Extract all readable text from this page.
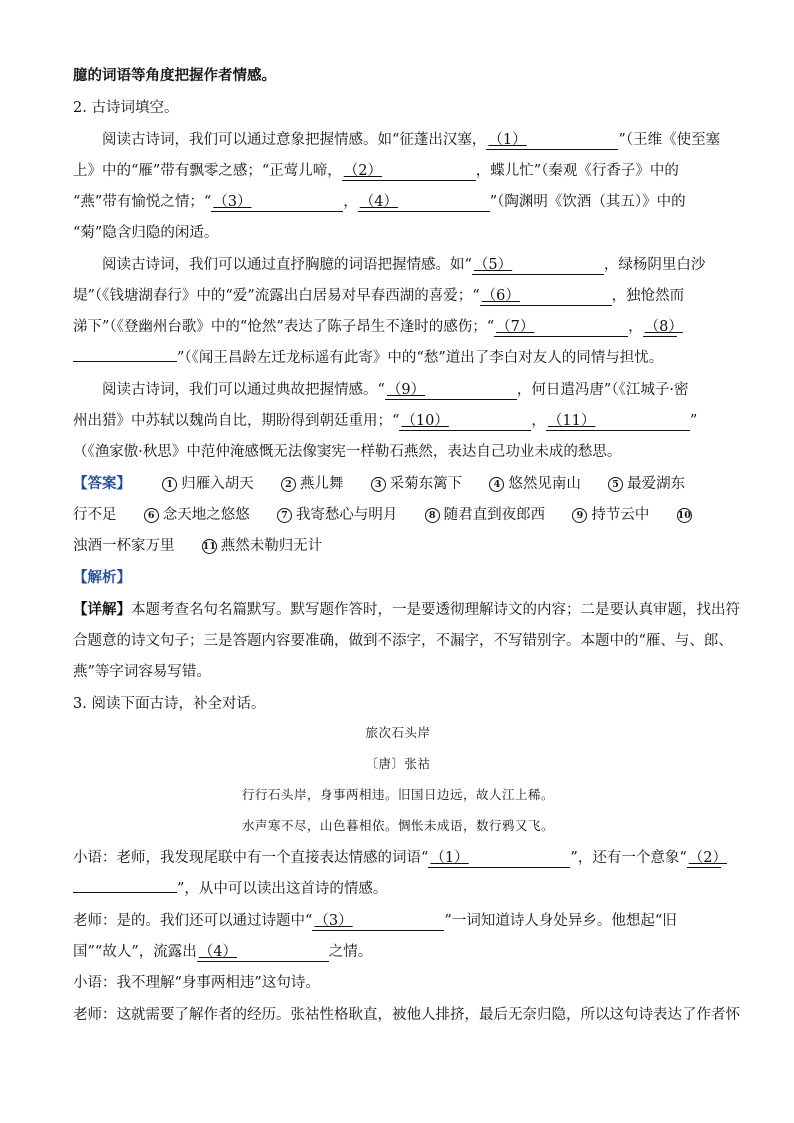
臆的词语等角度把握作者情感。
2. 古诗词填空。
阅读古诗词，我们可以通过意象把握情感。如“征蓬出汉塞， （1）	”（王维《使至塞
上》中的“雁”带有飘零之感；“正莺儿啼， （2）	，蝶儿忙”（秦观《行香子》中的
“燕”带有愉悦之情；“ （3）	， （4）	”（陶渊明《饮酒（其五）》中的
“菊”隐含归隐的闲适。
阅读古诗词，我们可以通过直抒胸臆的词语把握情感。如“ （5）	，绿杨阴里白沙
堤”（《钱塘湖春行》中的“爱”流露出白居易对早春西湖的喜爱；“ （6）	，独怆然而
涕下”（《登幽州台歌》中的“怆然”表达了陈子昂生不逢时的感伤；“ （7）	， （8）
”（《闻王昌龄左迁龙标遥有此寄》中的“愁”道出了李白对友人的同情与担忧。
阅读古诗词，我们可以通过典故把握情感。“ （9）	，何日遣冯唐”（《江城子·密
州出猎》中苏轼以魏尚自比，期盼得到朝廷重用；“ （10）	， （11）	”
（《渔家傲·秋思》中范仲淹感慨无法像窦宪一样勒石燕然，表达自己功业未成的愁思。
【答案】	1 归雁入胡天	2 燕儿舞	3 采菊东篱下	4 悠然见南山	5 最爱湖东
行不足	6 念天地之悠悠	7 我寄愁心与明月	8 随君直到夜郎西	9 持节云中	10
浊酒一杯家万里	11 燕然未勒归无计
【解析】
【详解】本题考查名句名篇默写。默写题作答时，一是要透彻理解诗文的内容；二是要认真审题，找出符
合题意的诗文句子；三是答题内容要准确，做到不添字，不漏字，不写错别字。本题中的“雁、与、郎、
燕”等字词容易写错。
3. 阅读下面古诗，补全对话。
旅次石头岸
〔唐〕张祜
行行石头岸，身事两相违。旧国日边远，故人江上稀。
水声寒不尽，山色暮相依。惆怅未成语，数行鸦又飞。
小语：老师，我发现尾联中有一个直接表达情感的词语“ （1）	”，还有一个意象“ （2）
”，从中可以读出这首诗的情感。
老师：是的。我们还可以通过诗题中“ （3）	”一词知道诗人身处异乡。他想起“旧
国”“故人”，流露出 （4）	之情。
小语：我不理解“身事两相违”这句诗。
老师：这就需要了解作者的经历。张祜性格耿直，被他人排挤，最后无奈归隐，所以这句诗表达了作者怀
